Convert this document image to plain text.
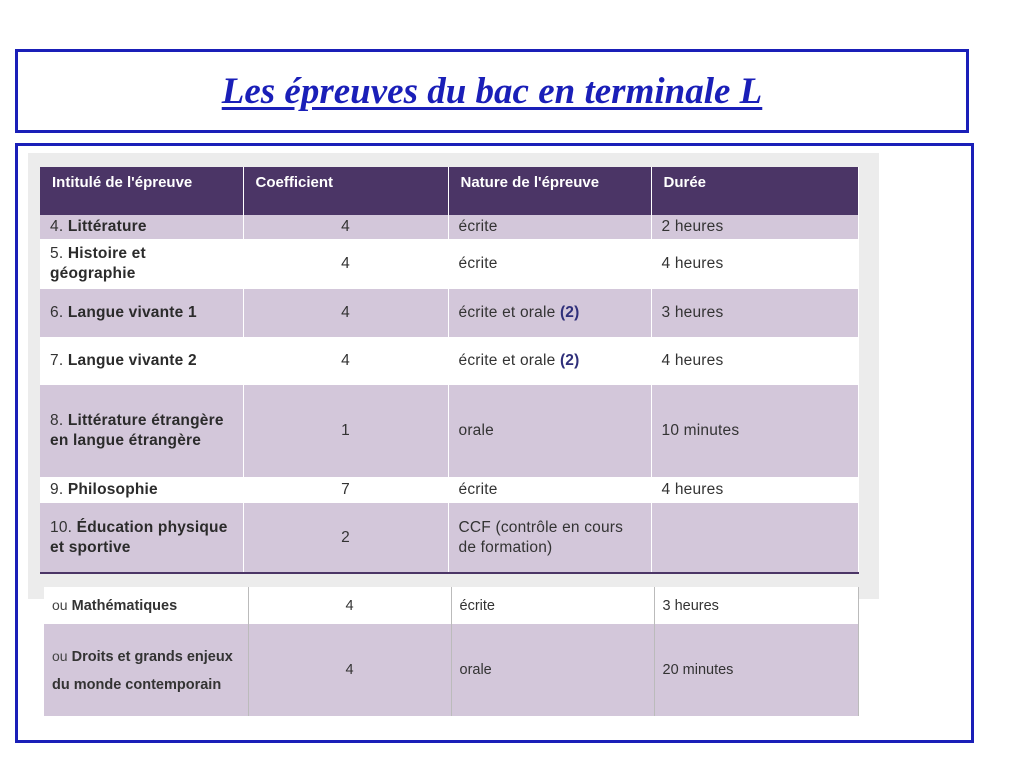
Les épreuves du bac en terminale L
Intitulé de l'épreuve	Coefficient	Nature de l'épreuve	Durée
4. Littérature	4	écrite	2 heures
5. Histoire et géographie	4	écrite	4 heures
6. Langue vivante 1	4	écrite et orale (2)	3 heures
7. Langue vivante 2	4	écrite et orale (2)	4 heures
8. Littérature étrangère en langue étrangère	1	orale	10 minutes
9. Philosophie	7	écrite	4 heures
10. Éducation physique et sportive	2	CCF (contrôle en cours de formation)	
ou Mathématiques	4	écrite	3 heures
ou Droits et grands enjeux du monde contemporain	4	orale	20 minutes
